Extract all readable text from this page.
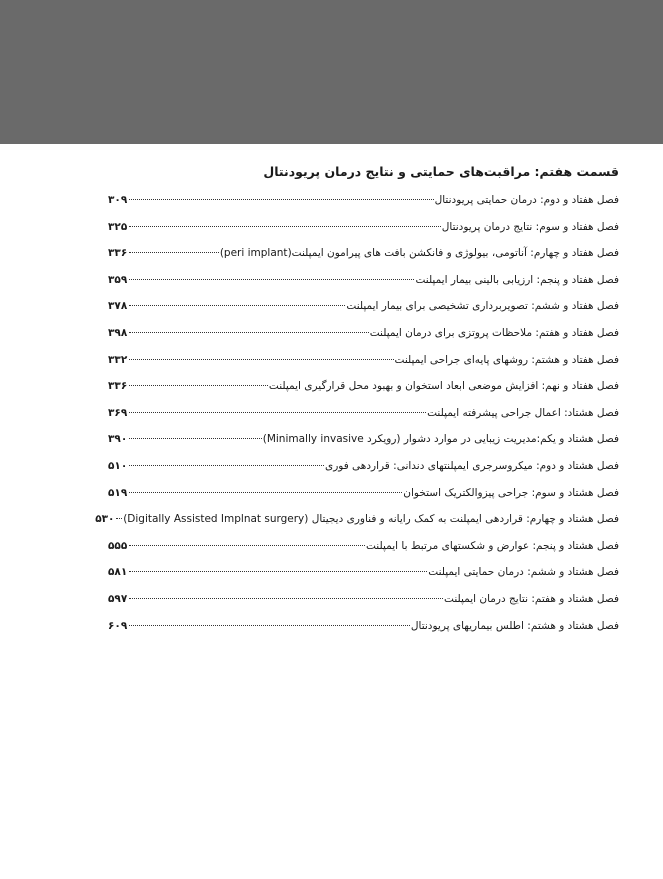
قسمت هفتم: مراقبت‌های حمایتی و نتایج درمان پریودنتال
فصل هفتاد و دوم: درمان حمایتی پریودنتال
۳۰۹
فصل هفتاد و سوم: نتایج درمان پریودنتال
۳۲۵
فصل هفتاد و چهارم: آناتومی، بیولوژی و فانکشن بافت های پیرامون ایمپلنت(peri implant)
۳۳۶
فصل هفتاد و پنجم: ارزیابی بالینی بیمار ایمپلنت
۳۵۹
فصل هفتاد و ششم: تصویربرداری تشخیصی برای بیمار ایمپلنت
۳۷۸
فصل هفتاد و هفتم: ملاحظات پروتزی برای درمان ایمپلنت
۳۹۸
فصل هفتاد و هشتم: روشهای پایه‌ای جراحی ایمپلنت
۳۳۲
فصل هفتاد و نهم: افزایش موضعی ابعاد استخوان و بهبود محل قرارگیری ایمپلنت
۳۳۶
فصل هشتاد: اعمال جراحی پیشرفته ایمپلنت
۳۶۹
فصل هشتاد و یکم:مدیریت زیبایی در موارد دشوار (رویکرد Minimally invasive)
۳۹۰
فصل هشتاد و دوم: میکروسرجری ایمپلنتهای دندانی: قراردهی فوری
۵۱۰
فصل هشتاد و سوم: جراحی پیزوالکتریک استخوان
۵۱۹
فصل هشتاد و چهارم: قراردهی ایمپلنت به کمک رایانه و فناوری دیجیتال (Digitally Assisted Implnat surgery)
۵۳۰
فصل هشتاد و پنجم: عوارض و شکستهای مرتبط با ایمپلنت
۵۵۵
فصل هشتاد و ششم: درمان حمایتی ایمپلنت
۵۸۱
فصل هشتاد و هفتم: نتایج درمان ایمپلنت
۵۹۷
فصل هشتاد و هشتم: اطلس بیماریهای پریودنتال
۶۰۹
